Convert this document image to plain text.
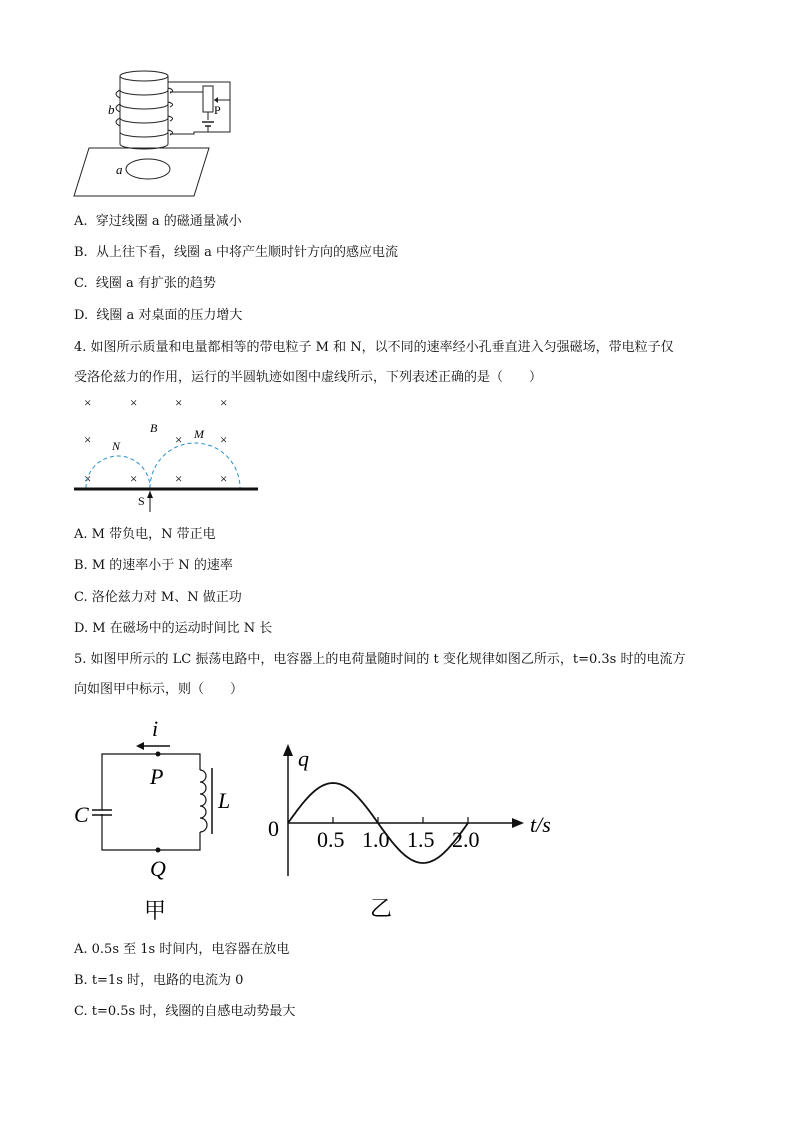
b
a
P
A. 穿过线圈 a 的磁通量减小
B. 从上往下看，线圈 a 中将产生顺时针方向的感应电流
C. 线圈 a 有扩张的趋势
D. 线圈 a 对桌面的压力增大
4. 如图所示质量和电量都相等的带电粒子 M 和 N，以不同的速率经小孔垂直进入匀强磁场，带电粒子仅
受洛伦兹力的作用，运行的半圆轨迹如图中虚线所示，下列表述正确的是（　　）
×	×	×	×
×	×	×
×	×	×	×
N
B	M
S
A. M 带负电，N 带正电
B. M 的速率小于 N 的速率
C. 洛伦兹力对 M、N 做正功
D. M 在磁场中的运动时间比 N 长
5. 如图甲所示的 LC 振荡电路中，电容器上的电荷量随时间的 t 变化规律如图乙所示，t=0.3s 时的电流方
向如图甲中标示，则（　　）
i
P
Q
C
L
甲
q
t/s
0
乙
0.5 1.0 1.5 2.0
A. 0.5s 至 1s 时间内，电容器在放电
B. t=1s 时，电路的电流为 0
C. t=0.5s 时，线圈的自感电动势最大
